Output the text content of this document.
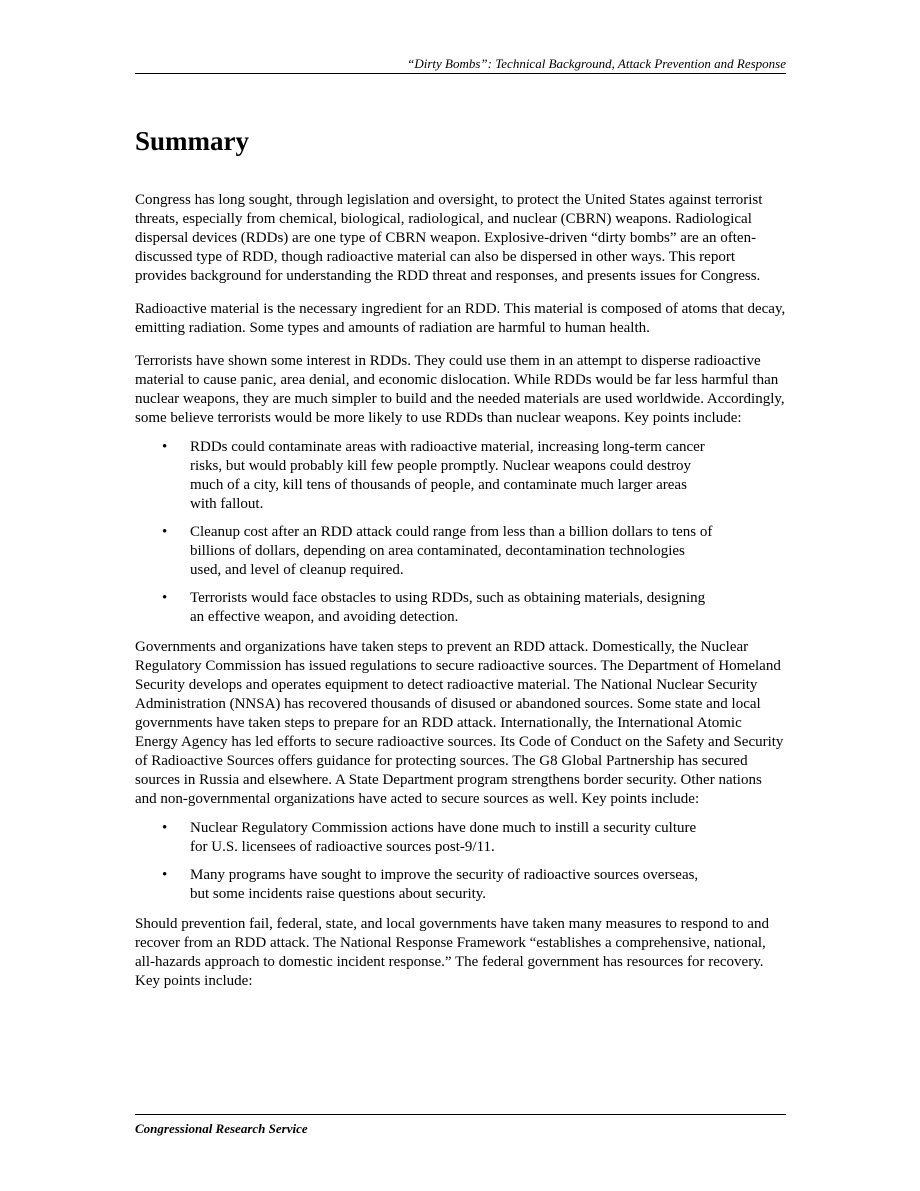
“Dirty Bombs”: Technical Background, Attack Prevention and Response
Summary

Congress has long sought, through legislation and oversight, to protect the United States against terrorist threats, especially from chemical, biological, radiological, and nuclear (CBRN) weapons. Radiological dispersal devices (RDDs) are one type of CBRN weapon. Explosive-driven “dirty bombs” are an often-discussed type of RDD, though radioactive material can also be dispersed in other ways. This report provides background for understanding the RDD threat and responses, and presents issues for Congress.

Radioactive material is the necessary ingredient for an RDD. This material is composed of atoms that decay, emitting radiation. Some types and amounts of radiation are harmful to human health.

Terrorists have shown some interest in RDDs. They could use them in an attempt to disperse radioactive material to cause panic, area denial, and economic dislocation. While RDDs would be far less harmful than nuclear weapons, they are much simpler to build and the needed materials are used worldwide. Accordingly, some believe terrorists would be more likely to use RDDs than nuclear weapons. Key points include:

• RDDs could contaminate areas with radioactive material, increasing long-term cancer risks, but would probably kill few people promptly. Nuclear weapons could destroy much of a city, kill tens of thousands of people, and contaminate much larger areas with fallout.
• Cleanup cost after an RDD attack could range from less than a billion dollars to tens of billions of dollars, depending on area contaminated, decontamination technologies used, and level of cleanup required.
• Terrorists would face obstacles to using RDDs, such as obtaining materials, designing an effective weapon, and avoiding detection.

Governments and organizations have taken steps to prevent an RDD attack. Domestically, the Nuclear Regulatory Commission has issued regulations to secure radioactive sources. The Department of Homeland Security develops and operates equipment to detect radioactive material. The National Nuclear Security Administration (NNSA) has recovered thousands of disused or abandoned sources. Some state and local governments have taken steps to prepare for an RDD attack. Internationally, the International Atomic Energy Agency has led efforts to secure radioactive sources. Its Code of Conduct on the Safety and Security of Radioactive Sources offers guidance for protecting sources. The G8 Global Partnership has secured sources in Russia and elsewhere. A State Department program strengthens border security. Other nations and non-governmental organizations have acted to secure sources as well. Key points include:

• Nuclear Regulatory Commission actions have done much to instill a security culture for U.S. licensees of radioactive sources post-9/11.
• Many programs have sought to improve the security of radioactive sources overseas, but some incidents raise questions about security.

Should prevention fail, federal, state, and local governments have taken many measures to respond to and recover from an RDD attack. The National Response Framework “establishes a comprehensive, national, all-hazards approach to domestic incident response.” The federal government has resources for recovery. Key points include:

Congressional Research Service
